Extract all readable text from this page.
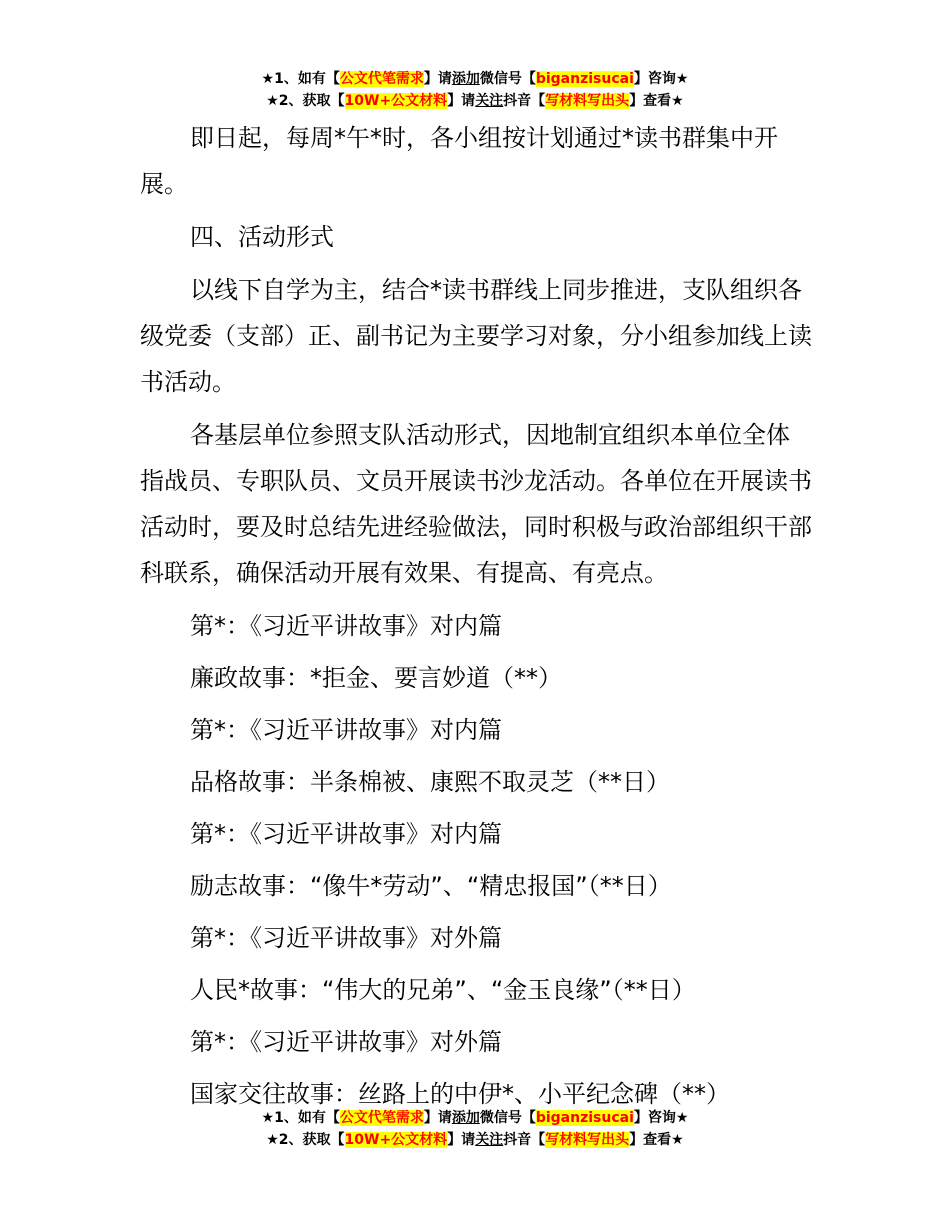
★1、如有【公文代笔需求】请添加微信号【biganzisucai】咨询★
★2、获取【10W+公文材料】请关注抖音【写材料写出头】查看★

即日起，每周*午*时，各小组按计划通过*读书群集中开展。

四、活动形式

以线下自学为主，结合*读书群线上同步推进，支队组织各级党委（支部）正、副书记为主要学习对象，分小组参加线上读书活动。

各基层单位参照支队活动形式，因地制宜组织本单位全体指战员、专职队员、文员开展读书沙龙活动。各单位在开展读书活动时，要及时总结先进经验做法，同时积极与政治部组织干部科联系，确保活动开展有效果、有提高、有亮点。

第*：《习近平讲故事》对内篇

廉政故事：*拒金、要言妙道（**）

第*：《习近平讲故事》对内篇

品格故事：半条棉被、康熙不取灵芝（**日）

第*：《习近平讲故事》对内篇

励志故事：“像牛*劳动”、“精忠报国”（**日）

第*：《习近平讲故事》对外篇

人民*故事：“伟大的兄弟”、“金玉良缘”（**日）

第*：《习近平讲故事》对外篇

国家交往故事：丝路上的中伊*、小平纪念碑（**）

★1、如有【公文代笔需求】请添加微信号【biganzisucai】咨询★
★2、获取【10W+公文材料】请关注抖音【写材料写出头】查看★
